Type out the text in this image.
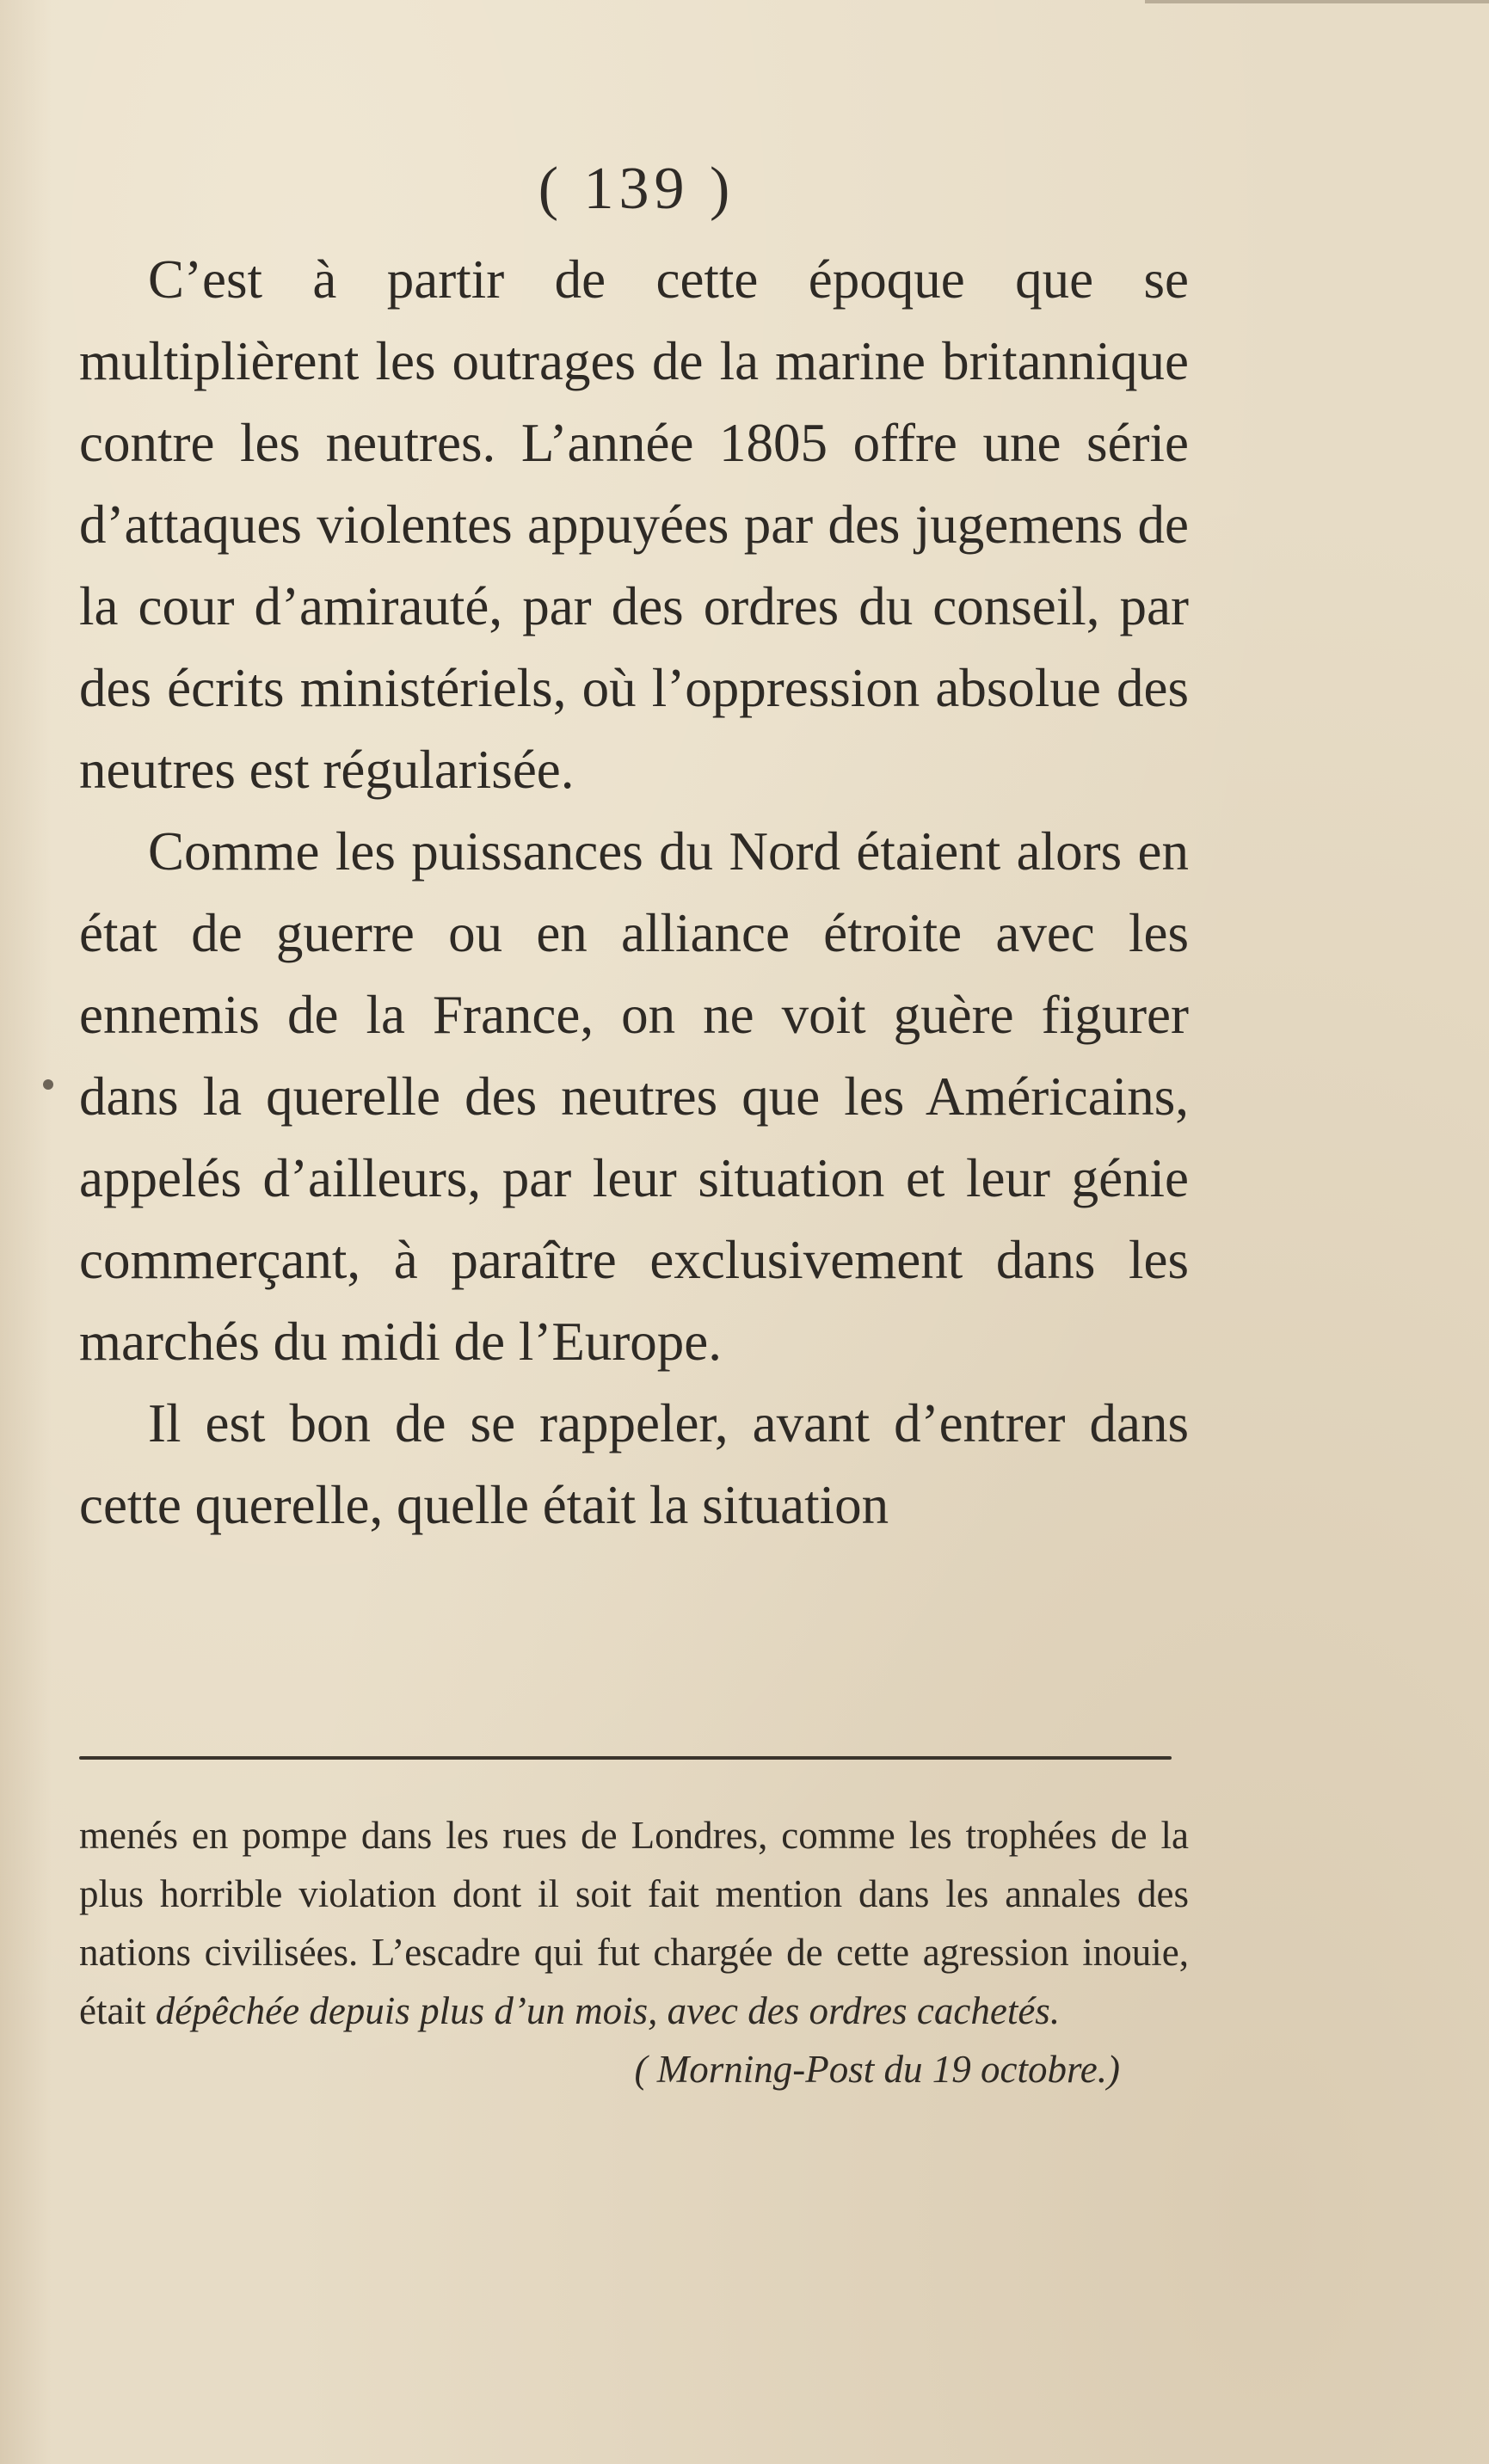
( 139 )

C’est à partir de cette époque que se multiplièrent les outrages de la marine britannique contre les neutres. L’année 1805 offre une série d’attaques violentes appuyées par des jugemens de la cour d’amirauté, par des ordres du conseil, par des écrits ministériels, où l’oppression absolue des neutres est régularisée.

Comme les puissances du Nord étaient alors en état de guerre ou en alliance étroite avec les ennemis de la France, on ne voit guère figurer dans la querelle des neutres que les Américains, appelés d’ailleurs, par leur situation et leur génie commerçant, à paraître exclusivement dans les marchés du midi de l’Europe.

Il est bon de se rappeler, avant d’entrer dans cette querelle, quelle était la situation

menés en pompe dans les rues de Londres, comme les trophées de la plus horrible violation dont il soit fait mention dans les annales des nations civilisées. L’escadre qui fut chargée de cette agression inouie, était dépêchée depuis plus d’un mois, avec des ordres cachetés.

( Morning-Post du 19 octobre.)
